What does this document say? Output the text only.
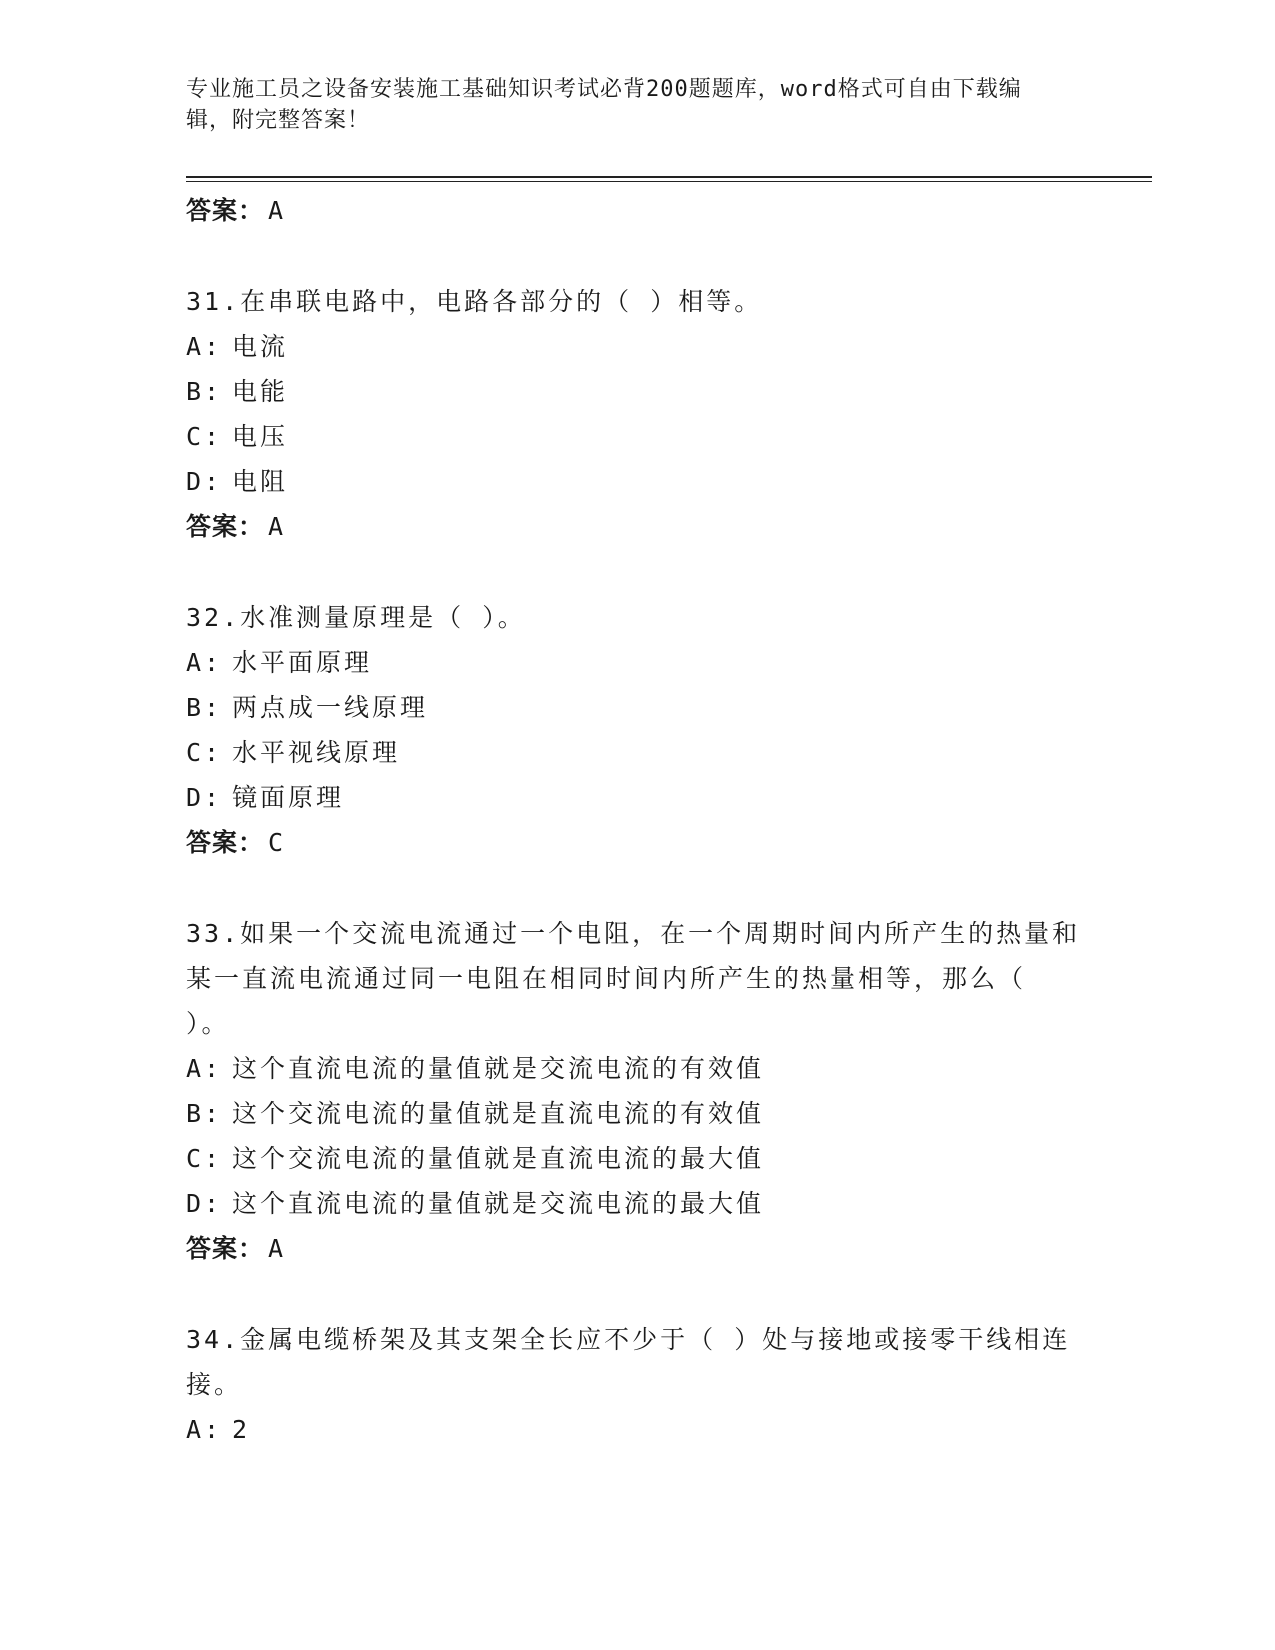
专业施工员之设备安装施工基础知识考试必背200题题库，word格式可自由下载编辑，附完整答案！
答案： A
31.在串联电路中，电路各部分的（ ）相等。
A: 电流
B: 电能
C: 电压
D: 电阻
答案： A
32.水准测量原理是（ ）。
A: 水平面原理
B: 两点成一线原理
C: 水平视线原理
D: 镜面原理
答案： C
33.如果一个交流电流通过一个电阻，在一个周期时间内所产生的热量和某一直流电流通过同一电阻在相同时间内所产生的热量相等，那么（ ）。
A: 这个直流电流的量值就是交流电流的有效值
B: 这个交流电流的量值就是直流电流的有效值
C: 这个交流电流的量值就是直流电流的最大值
D: 这个直流电流的量值就是交流电流的最大值
答案： A
34.金属电缆桥架及其支架全长应不少于（ ）处与接地或接零干线相连接。
A: 2
